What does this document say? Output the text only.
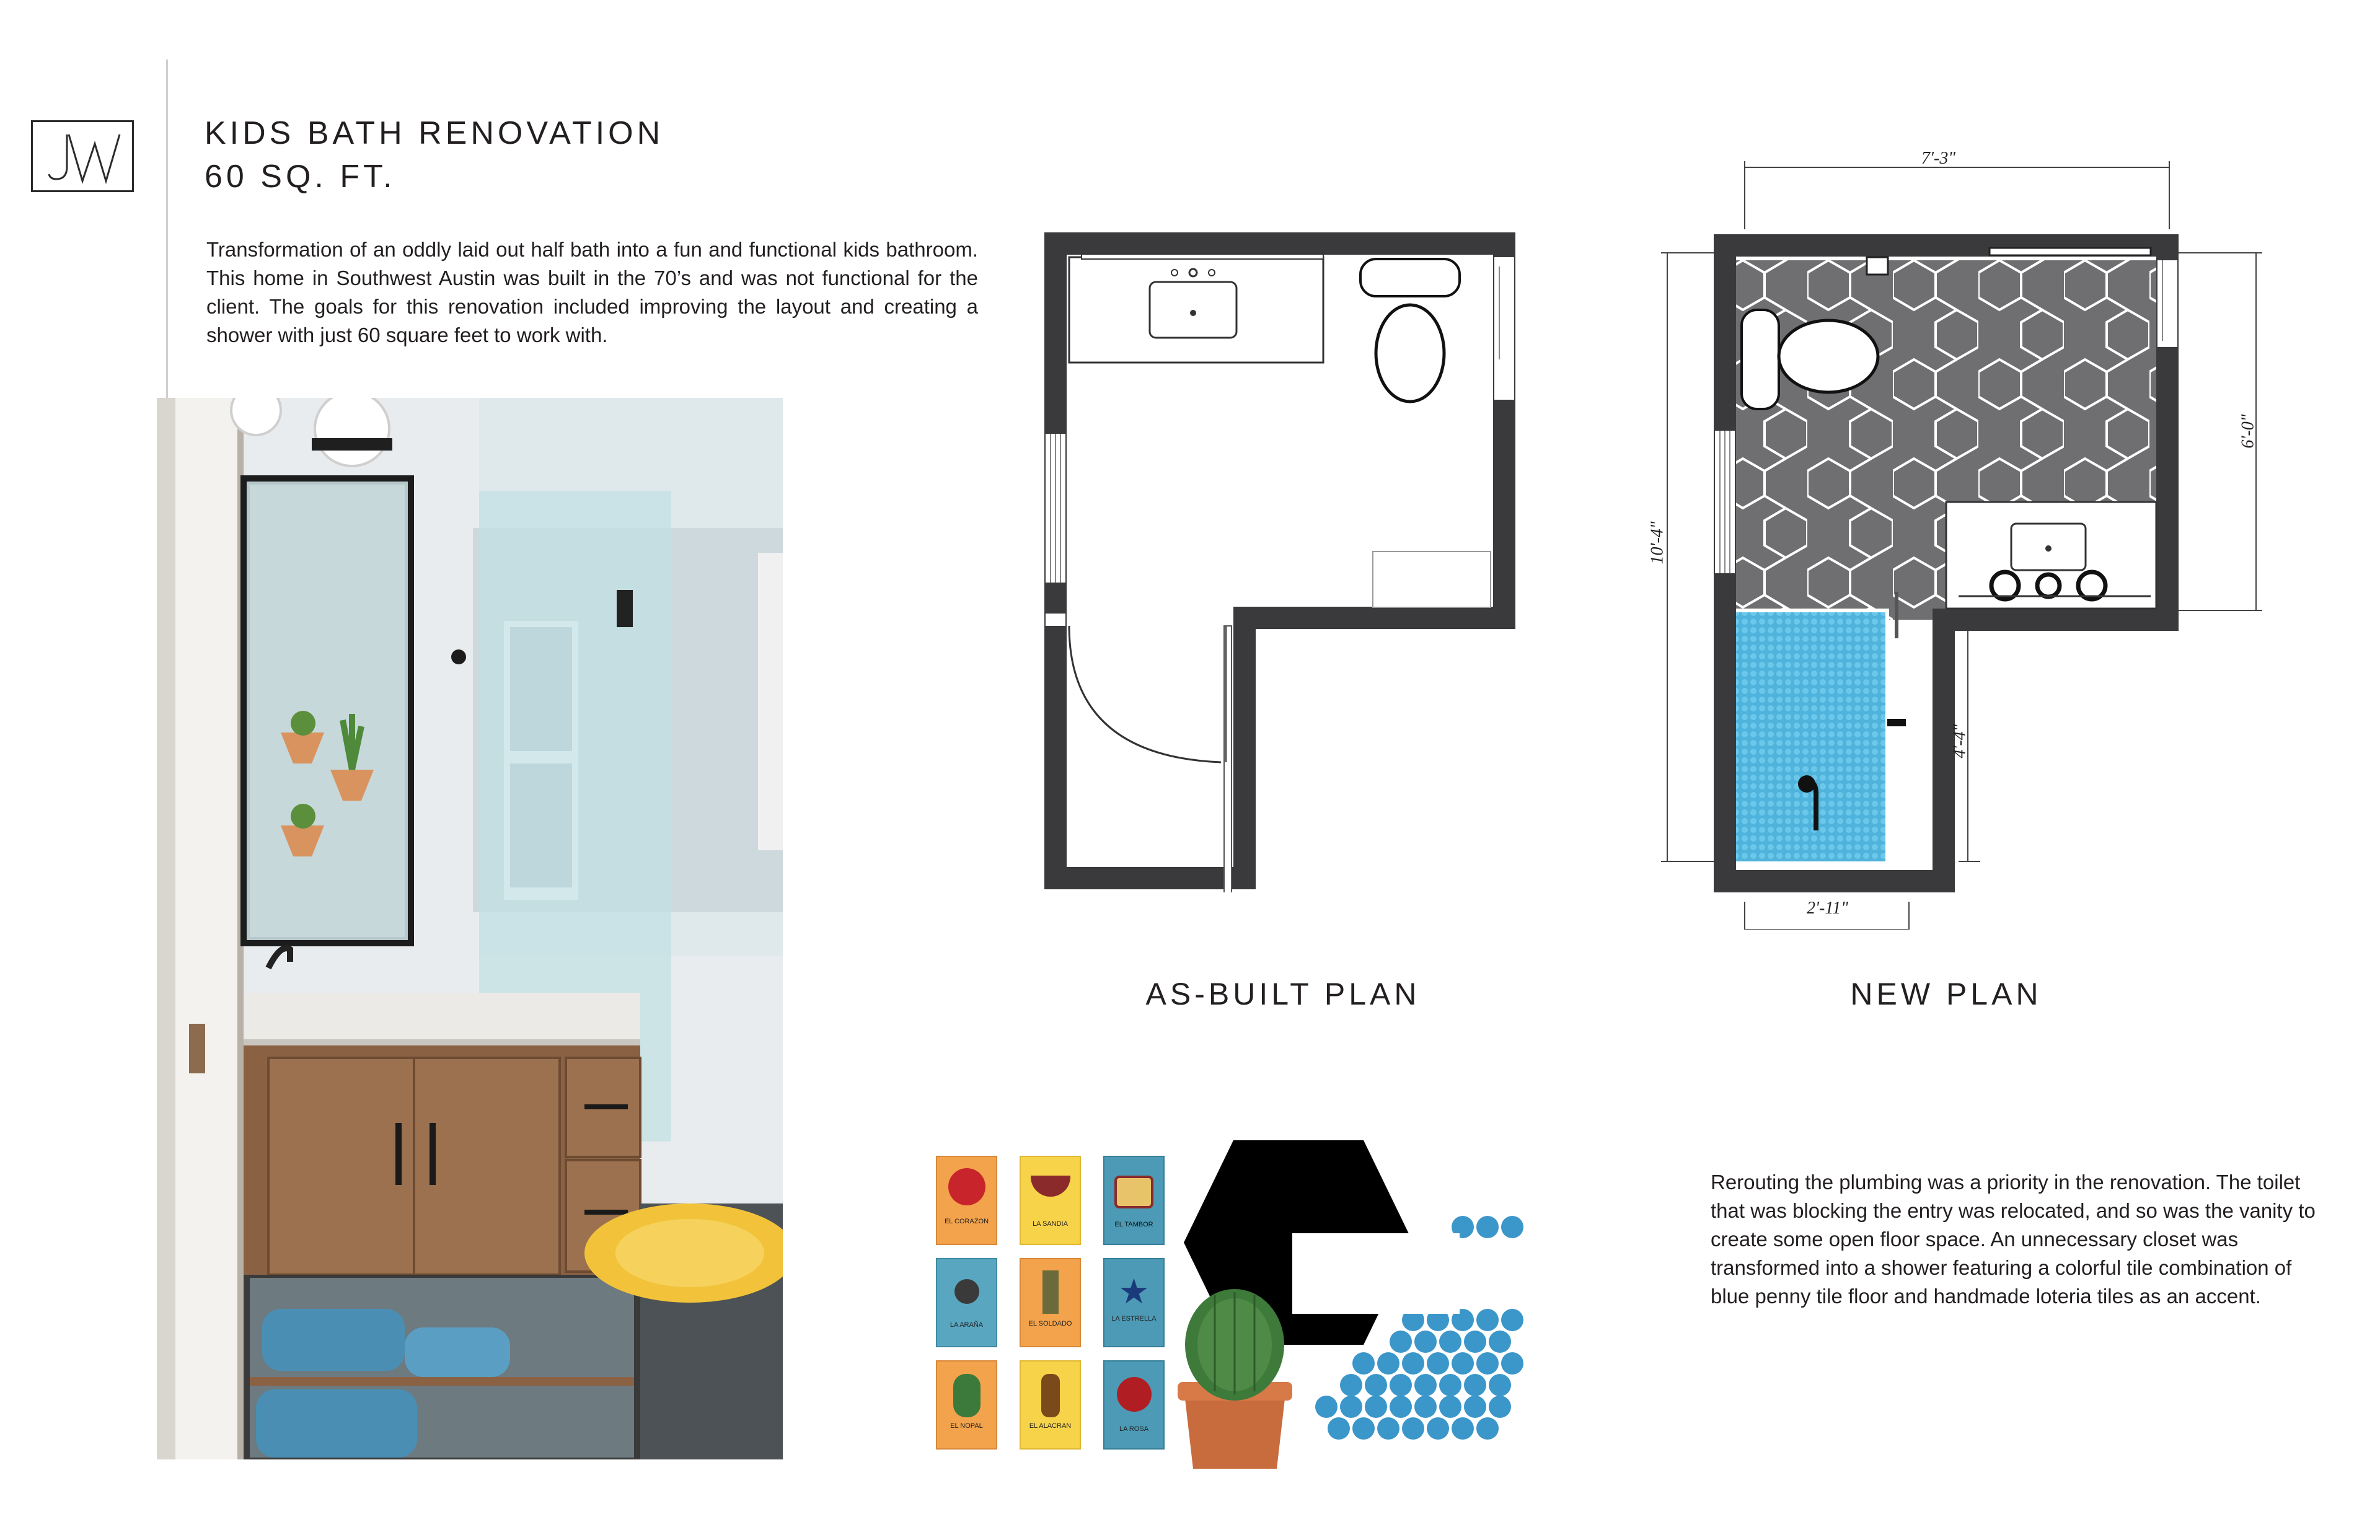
KIDS BATH RENOVATION
60 SQ. FT.
Transformation of an oddly laid out half bath into a fun and functional kids bathroom. This home in Southwest Austin was built in the 70’s and was not functional for the client. The goals for this renovation included improving the layout and creating a shower with just 60 square feet to work with.
7'-3"
10'-4"
6'-0"
4'-4"
2'-11"
AS-BUILT PLAN	NEW PLAN
EL CORAZON	LA SANDIA	EL TAMBOR
LA ARAÑA	EL SOLDADO
★
LA ESTRELLA
EL NOPAL	EL ALACRAN	LA ROSA
Rerouting the plumbing was a priority in the renovation. The toilet that was blocking the entry was relocated, and so was the vanity to create some open floor space. An unnecessary closet was transformed into a shower featuring a colorful tile combination of blue penny tile floor and handmade loteria tiles as an accent.
